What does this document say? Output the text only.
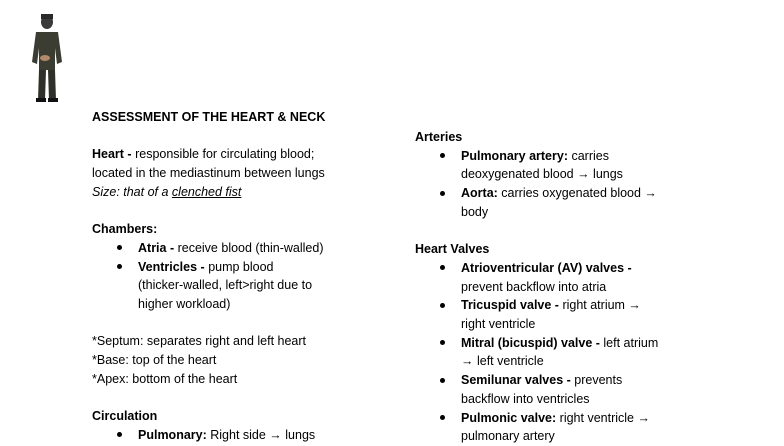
ASSESSMENT OF THE HEART & NECK
Heart - responsible for circulating blood;
located in the mediastinum between lungs
Size: that of a clenched fist
Chambers:
Atria - receive blood (thin-walled)
Ventricles - pump blood
(thicker-walled, left>right due to
higher workload)
*Septum: separates right and left heart
*Base: top of the heart
*Apex: bottom of the heart
Circulation
Pulmonary: Right side → lungs
Arteries
Pulmonary artery: carries
deoxygenated blood → lungs
Aorta: carries oxygenated blood →
body
Heart Valves
Atrioventricular (AV) valves -
prevent backflow into atria
Tricuspid valve - right atrium →
right ventricle
Mitral (bicuspid) valve - left atrium
→ left ventricle
Semilunar valves - prevents
backflow into ventricles
Pulmonic valve: right ventricle →
pulmonary artery
